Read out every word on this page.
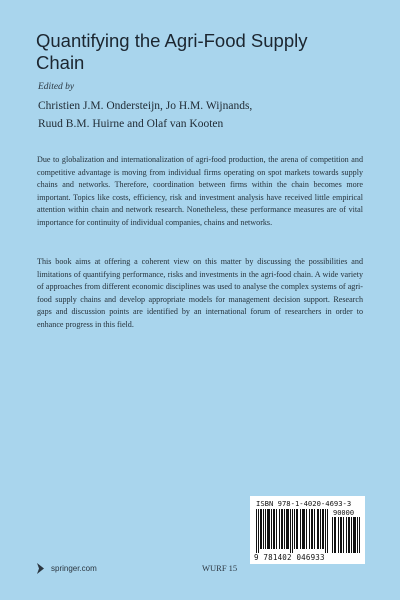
Quantifying the Agri-Food Supply
Chain
Edited by
Christien J.M. Ondersteijn, Jo H.M. Wijnands,
Ruud B.M. Huirne and Olaf van Kooten

Due to globalization and internationalization of agri-food production, the arena of competition and competitive advantage is moving from individual firms operating on spot markets towards supply chains and networks. Therefore, coordination between firms within the chain becomes more important. Topics like costs, efficiency, risk and investment analysis have received little empirical attention within chain and network research. Nonetheless, these performance measures are of vital importance for continuity of individual companies, chains and networks.

This book aims at offering a coherent view on this matter by discussing the possibilities and limitations of quantifying performance, risks and investments in the agri-food chain. A wide variety of approaches from different economic disciplines was used to analyse the complex systems of agri-food supply chains and develop appropriate models for management decision support. Research gaps and discussion points are identified by an international forum of researchers in order to enhance progress in this field.

springer.com	WURF 15
ISBN 978-1-4020-4693-3
90000
9 781402 046933
